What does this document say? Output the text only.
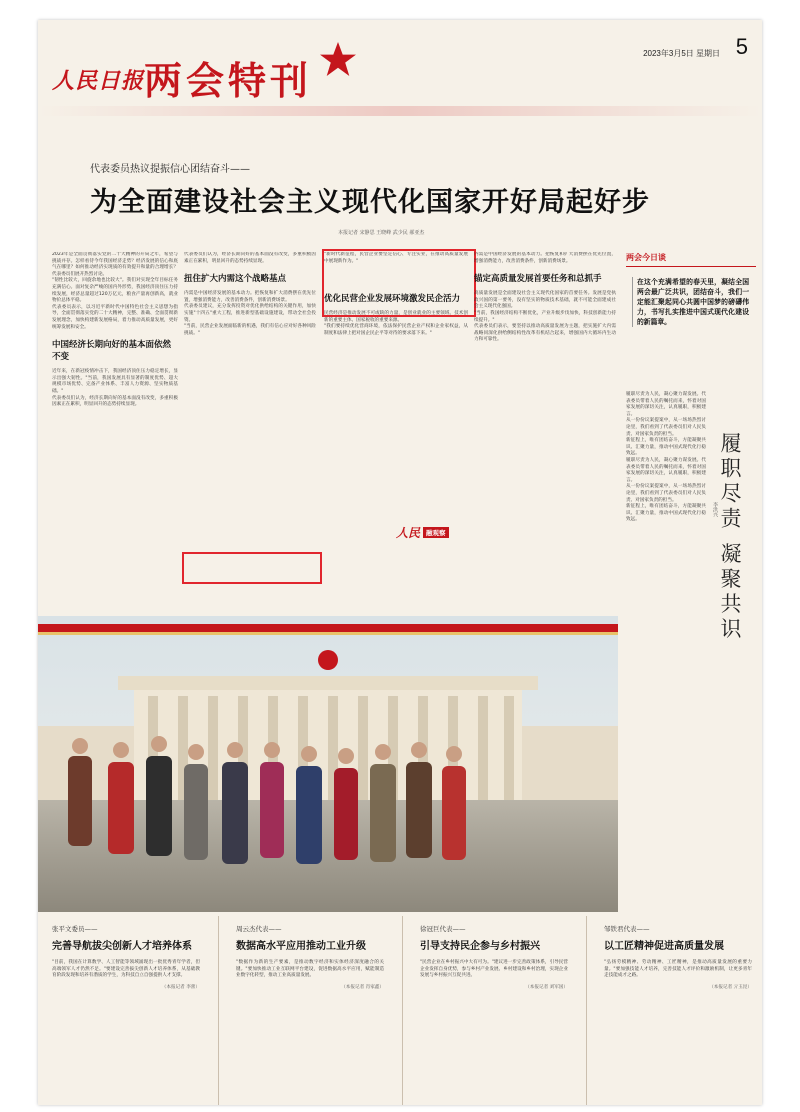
2023年3月5日 星期日 5
人民日报 两会特刊
代表委员热议提振信心团结奋斗——
为全面建设社会主义现代化国家开好局起好步
本报记者 宋静思 王晓峰 武少民 郝亚杰

2023年是全面贯彻落实党的二十大精神的开局之年，希望与挑战并存。怎样看待今年我国经济走势？经济发展的信心和底气在哪里？如何推动经济实现质的有效提升和量的合理增长？代表委员们展开热烈讨论。

"韧性比较大，回旋余地也比较大"。我们对实现全年目标任务充满信心。面对复杂严峻的国内外形势，我国经济顶住压力持续发展，经济总量超过120万亿元，粮食产量再创新高，就业物价总体平稳。

代表委员表示，以习近平新时代中国特色社会主义思想为指导，全面贯彻落实党的二十大精神，完整、准确、全面贯彻新发展理念，加快构建新发展格局，着力推动高质量发展，更好统筹发展和安全。

中国经济长期向好的基本面依然不变

近年来，在新冠疫情冲击下，我国经济顶住压力稳定增长，显示出强大韧性。"当前，我国发展具有显著的制度优势、超大规模市场优势、完备产业体系、丰富人力资源、坚实物质基础。"

代表委员们认为，经济长期向好的基本面没有改变，多重积极因素正在累积，明显回升的态势持续显现。

代表委员们认为，经济长期向好的基本面没有改变，多重积极因素正在累积，明显回升的态势持续显现。

扭住扩大内需这个战略基点

内需是中国经济发展的基本动力。把恢复和扩大消费摆在优先位置，增强消费能力，改善消费条件，创新消费场景。

代表委员建议，充分发挥投资对优化供给结构的关键作用，加快实施"十四五"重大工程，推进新型基础设施建设，带动全社会投资。

"当前，民营企业发展面临新的机遇，我们有信心应对好各种风险挑战。"

"新时代新征程，民营企业要坚定信心、专注实业，在推动高质量发展中展现新作为。"

优化民营企业发展环境激发民企活力

民营经济是推动发展不可或缺的力量，是创业就业的主要领域、技术创新的重要主体、国家税收的重要来源。

"我们要持续优化营商环境，依法保护民营企业产权和企业家权益，从制度和法律上把对国企民企平等对待的要求落下来。"

内需是中国经济发展的基本动力。把恢复和扩大消费摆在优先位置，增强消费能力，改善消费条件，创新消费场景。

锚定高质量发展首要任务和总抓手

高质量发展是全面建设社会主义现代化国家的首要任务。发展是党执政兴国的第一要务，没有坚实的物质技术基础，就不可能全面建成社会主义现代化强国。

"当前，我国经济结构不断优化，产业升级步伐加快，科技创新能力持续提升。"

代表委员们表示，要坚持以推动高质量发展为主题，把实施扩大内需战略同深化供给侧结构性改革有机结合起来，增强国内大循环内生动力和可靠性。

人民 融观察
两会今日谈
在这个充满希望的春天里，凝结全国两会最广泛共识，团结奋斗，我们一定能汇聚起同心共圆中国梦的磅礴伟力，书写扎实推进中国式现代化建设的新篇章。

履职尽责为人民，凝心聚力谋发展。代表委员带着人民的嘱托而来，怀着对国家发展的深切关注，认真履职，积极建言。

从一份份议案提案中，从一场场热烈讨论里，我们看到了代表委员们对人民负责、对国家负责的担当。

新征程上，唯有团结奋斗，方能凝聚共识、汇聚力量，推动中国式现代化行稳致远。

履职尽责为人民，凝心聚力谋发展。代表委员带着人民的嘱托而来，怀着对国家发展的深切关注，认真履职，积极建言。

从一份份议案提案中，从一场场热烈讨论里，我们看到了代表委员们对人民负责、对国家负责的担当。

新征程上，唯有团结奋斗，方能凝聚共识、汇聚力量，推动中国式现代化行稳致远。	履职尽责 凝聚共识
李洪兴
张平文委员——
完善导航拔尖创新人才培养体系

"目前，我国在计算数学、人工智能等领域涌现出一批优秀青年学者，但高端领军人才仍然不足。"要建设完善拔尖创新人才培养体系，从基础教育阶段发现和培养有潜质的学生，为科技自立自强提供人才支撑。

（本报记者 李蕾）
周云杰代表——
数据高水平应用推动工业升级

"数据作为新的生产要素，是推动数字经济和实体经济深度融合的关键。"要加快推动工业互联网平台建设，促进数据高水平应用，赋能制造业数字化转型，推动工业高质量发展。

（本报记者 肖家鑫）
徐冠巨代表——
引导支持民企参与乡村振兴

"民营企业在乡村振兴中大有可为。"建议进一步完善政策体系，引导民营企业发挥自身优势，参与乡村产业发展、乡村建设和乡村治理，实现企业发展与乡村振兴互促共进。

（本报记者 刘军国）
邹铁君代表——
以工匠精神促进高质量发展

"弘扬劳模精神、劳动精神、工匠精神，是推动高质量发展的重要力量。"要加强技能人才培养，完善技能人才评价和激励机制，让更多青年走技能成才之路。

（本报记者 亓玉昆）
